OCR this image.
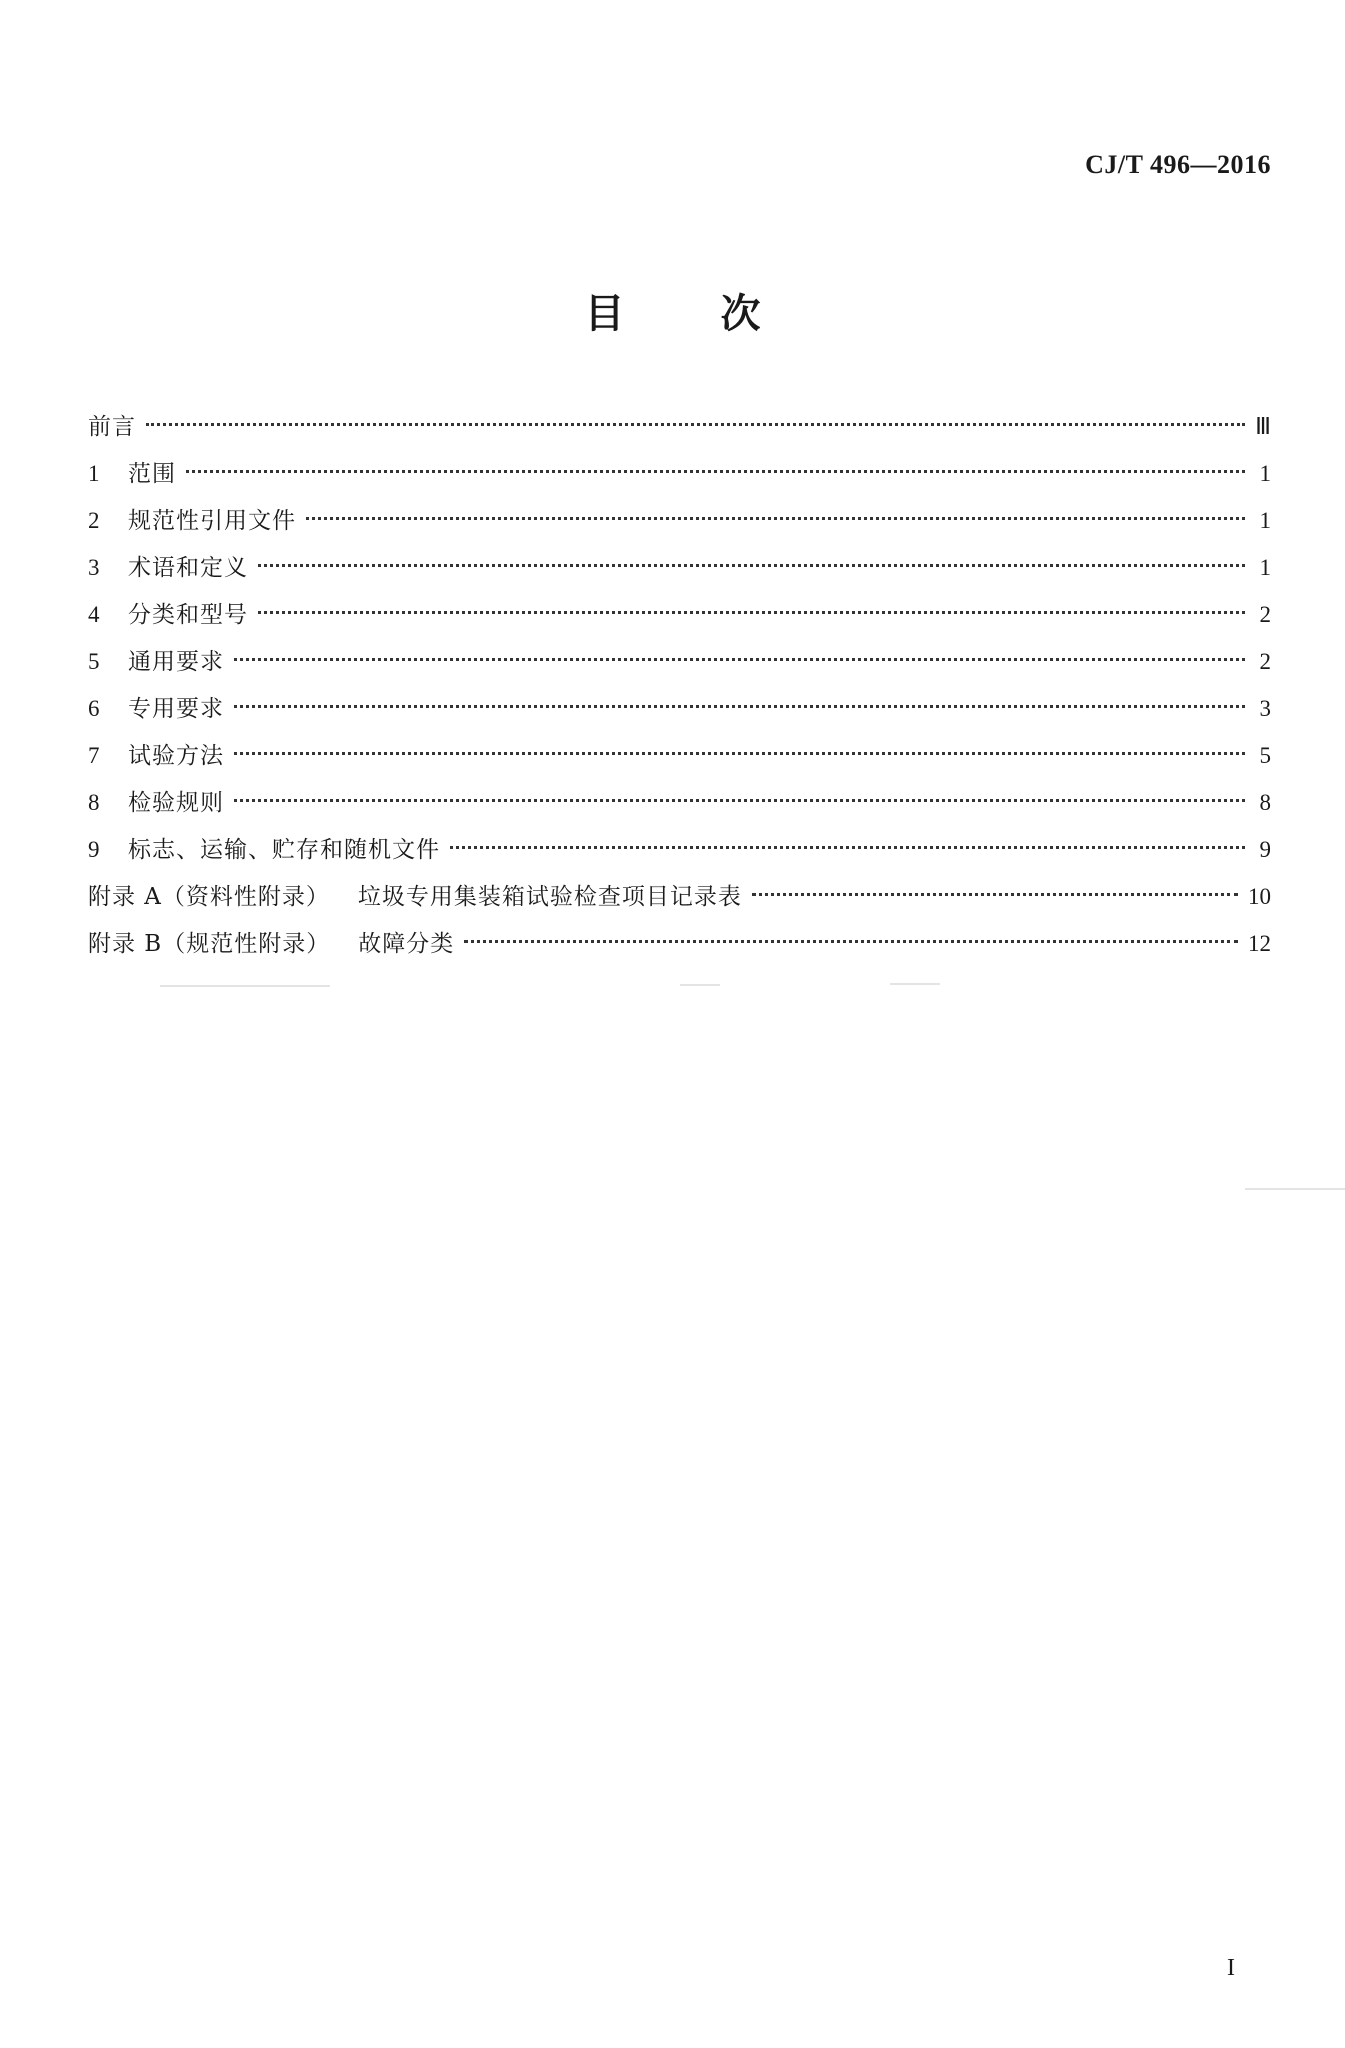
CJ/T 496—2016
目 次
前言	Ⅲ
1	范围	1
2	规范性引用文件	1
3	术语和定义	1
4	分类和型号	2
5	通用要求	2
6	专用要求	3
7	试验方法	5
8	检验规则	8
9	标志、运输、贮存和随机文件	9
附录 A（资料性附录） 垃圾专用集装箱试验检查项目记录表	10
附录 B（规范性附录） 故障分类	12
I
